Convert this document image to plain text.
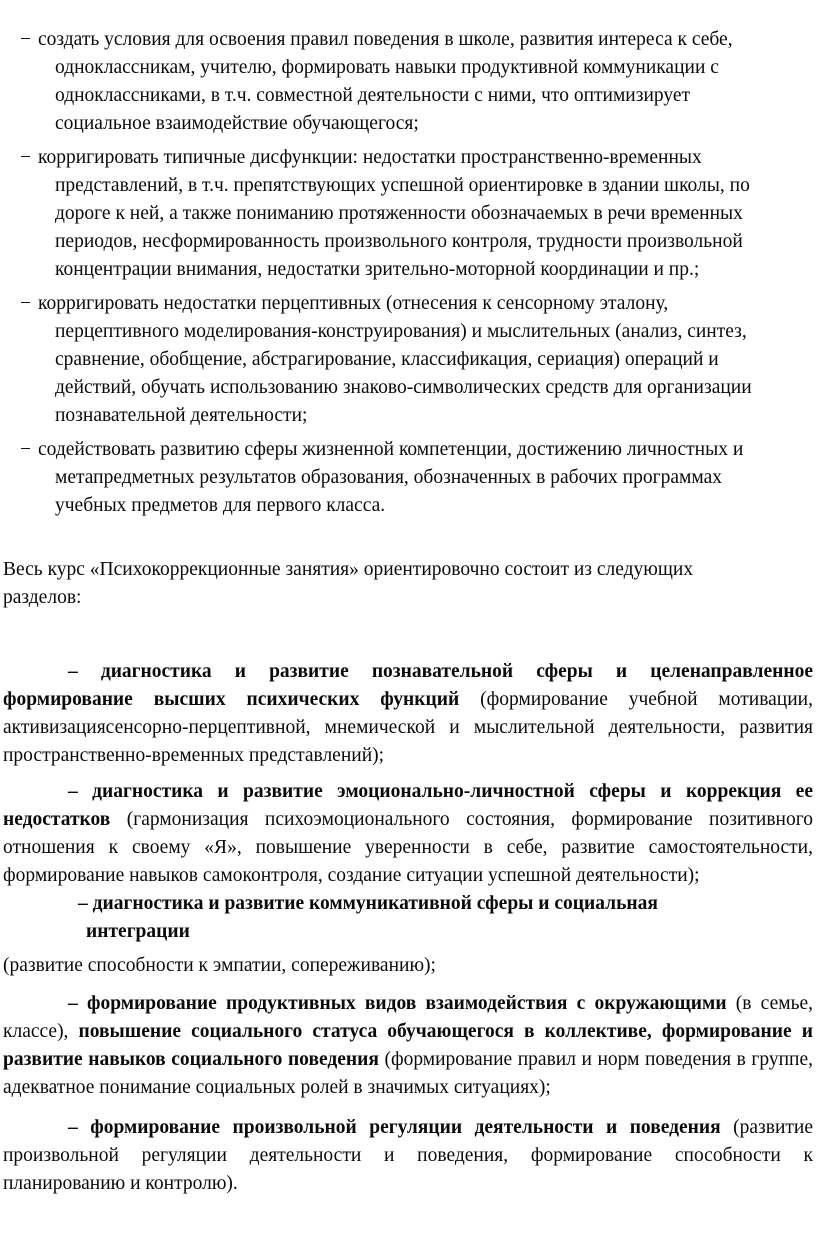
− создать условия для освоения правил поведения в школе, развития интереса к себе, одноклассникам, учителю, формировать навыки продуктивной коммуникации с одноклассниками, в т.ч. совместной деятельности с ними, что оптимизирует социальное взаимодействие обучающегося;
− корригировать типичные дисфункции: недостатки пространственно-временных представлений, в т.ч. препятствующих успешной ориентировке в здании школы, по дороге к ней, а также пониманию протяженности обозначаемых в речи временных периодов, несформированность произвольного контроля, трудности произвольной концентрации внимания, недостатки зрительно-моторной координации и пр.;
− корригировать недостатки перцептивных (отнесения к сенсорному эталону, перцептивного моделирования-конструирования) и мыслительных (анализ, синтез, сравнение, обобщение, абстрагирование, классификация, сериация) операций и действий, обучать использованию знаково-символических средств для организации познавательной деятельности;
− содействовать развитию сферы жизненной компетенции, достижению личностных и метапредметных результатов образования, обозначенных в рабочих программах учебных предметов для первого класса.

Весь курс «Психокоррекционные занятия» ориентировочно состоит из следующих разделов:

– диагностика и развитие познавательной сферы и целенаправленное формирование высших психических функций (формирование учебной мотивации, активизациясенсорно-перцептивной, мнемической и мыслительной деятельности, развития пространственно-временных представлений);

– диагностика и развитие эмоционально-личностной сферы и коррекция ее недостатков (гармонизация психоэмоционального состояния, формирование позитивного отношения к своему «Я», повышение уверенности в себе, развитие самостоятельности, формирование навыков самоконтроля, создание ситуации успешной деятельности);

– диагностика и развитие коммуникативной сферы и социальная интеграции

(развитие способности к эмпатии, сопереживанию);

– формирование продуктивных видов взаимодействия с окружающими (в семье, классе), повышение социального статуса обучающегося в коллективе, формирование и развитие навыков социального поведения (формирование правил и норм поведения в группе, адекватное понимание социальных ролей в значимых ситуациях);

– формирование произвольной регуляции деятельности и поведения (развитие произвольной регуляции деятельности и поведения, формирование способности к планированию и контролю).
